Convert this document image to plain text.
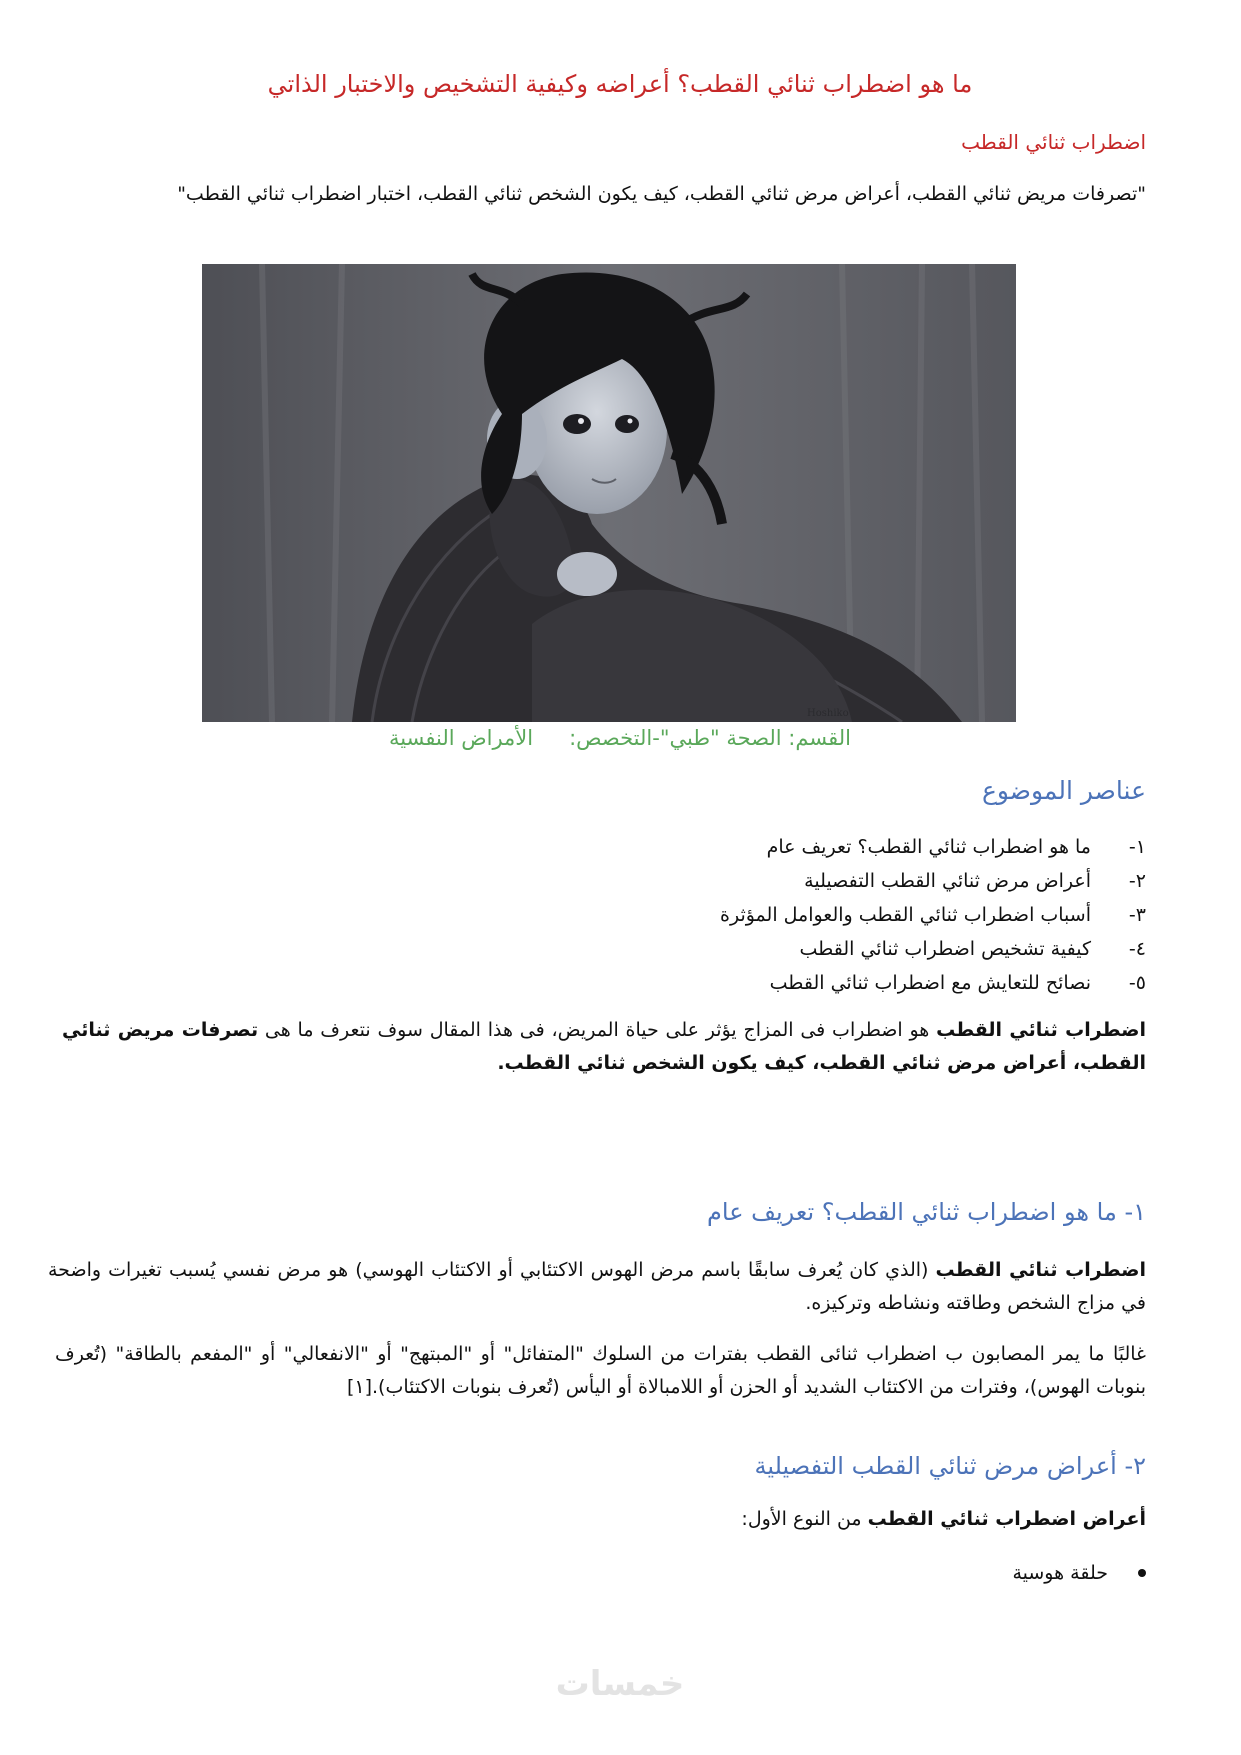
ما هو اضطراب ثنائي القطب؟ أعراضه وكيفية التشخيص والاختبار الذاتي
اضطراب ثنائي القطب
"تصرفات مريض ثنائي القطب، أعراض مرض ثنائي القطب، كيف يكون الشخص ثنائي القطب، اختبار اضطراب ثنائي القطب"
Hoshiko
القسم: الصحة "طبي"-التخصص:الأمراض النفسية
عناصر الموضوع
١-
ما هو اضطراب ثنائي القطب؟ تعريف عام
٢-
أعراض مرض ثنائي القطب التفصيلية
٣-
أسباب اضطراب ثنائي القطب والعوامل المؤثرة
٤-
كيفية تشخيص اضطراب ثنائي القطب
٥-
نصائح للتعايش مع اضطراب ثنائي القطب
اضطراب ثنائي القطب هو اضطراب فى المزاج يؤثر على حياة المريض، فى هذا المقال سوف نتعرف ما هى تصرفات مريض ثنائي القطب، أعراض مرض ثنائي القطب، كيف يكون الشخص ثنائي القطب.
١- ما هو اضطراب ثنائي القطب؟ تعريف عام
اضطراب ثنائي القطب (الذي كان يُعرف سابقًا باسم مرض الهوس الاكتئابي أو الاكتئاب الهوسي) هو مرض نفسي يُسبب تغيرات واضحة في مزاج الشخص وطاقته ونشاطه وتركيزه.
غالبًا ما يمر المصابون ب اضطراب ثنائى القطب بفترات من السلوك "المتفائل" أو "المبتهج" أو "الانفعالي" أو "المفعم بالطاقة" (تُعرف بنوبات الهوس)، وفترات من الاكتئاب الشديد أو الحزن أو اللامبالاة أو اليأس (تُعرف بنوبات الاكتئاب).[١]
٢- أعراض مرض ثنائي القطب التفصيلية
أعراض اضطراب ثنائي القطب من النوع الأول:
حلقة هوسية
خمسات
